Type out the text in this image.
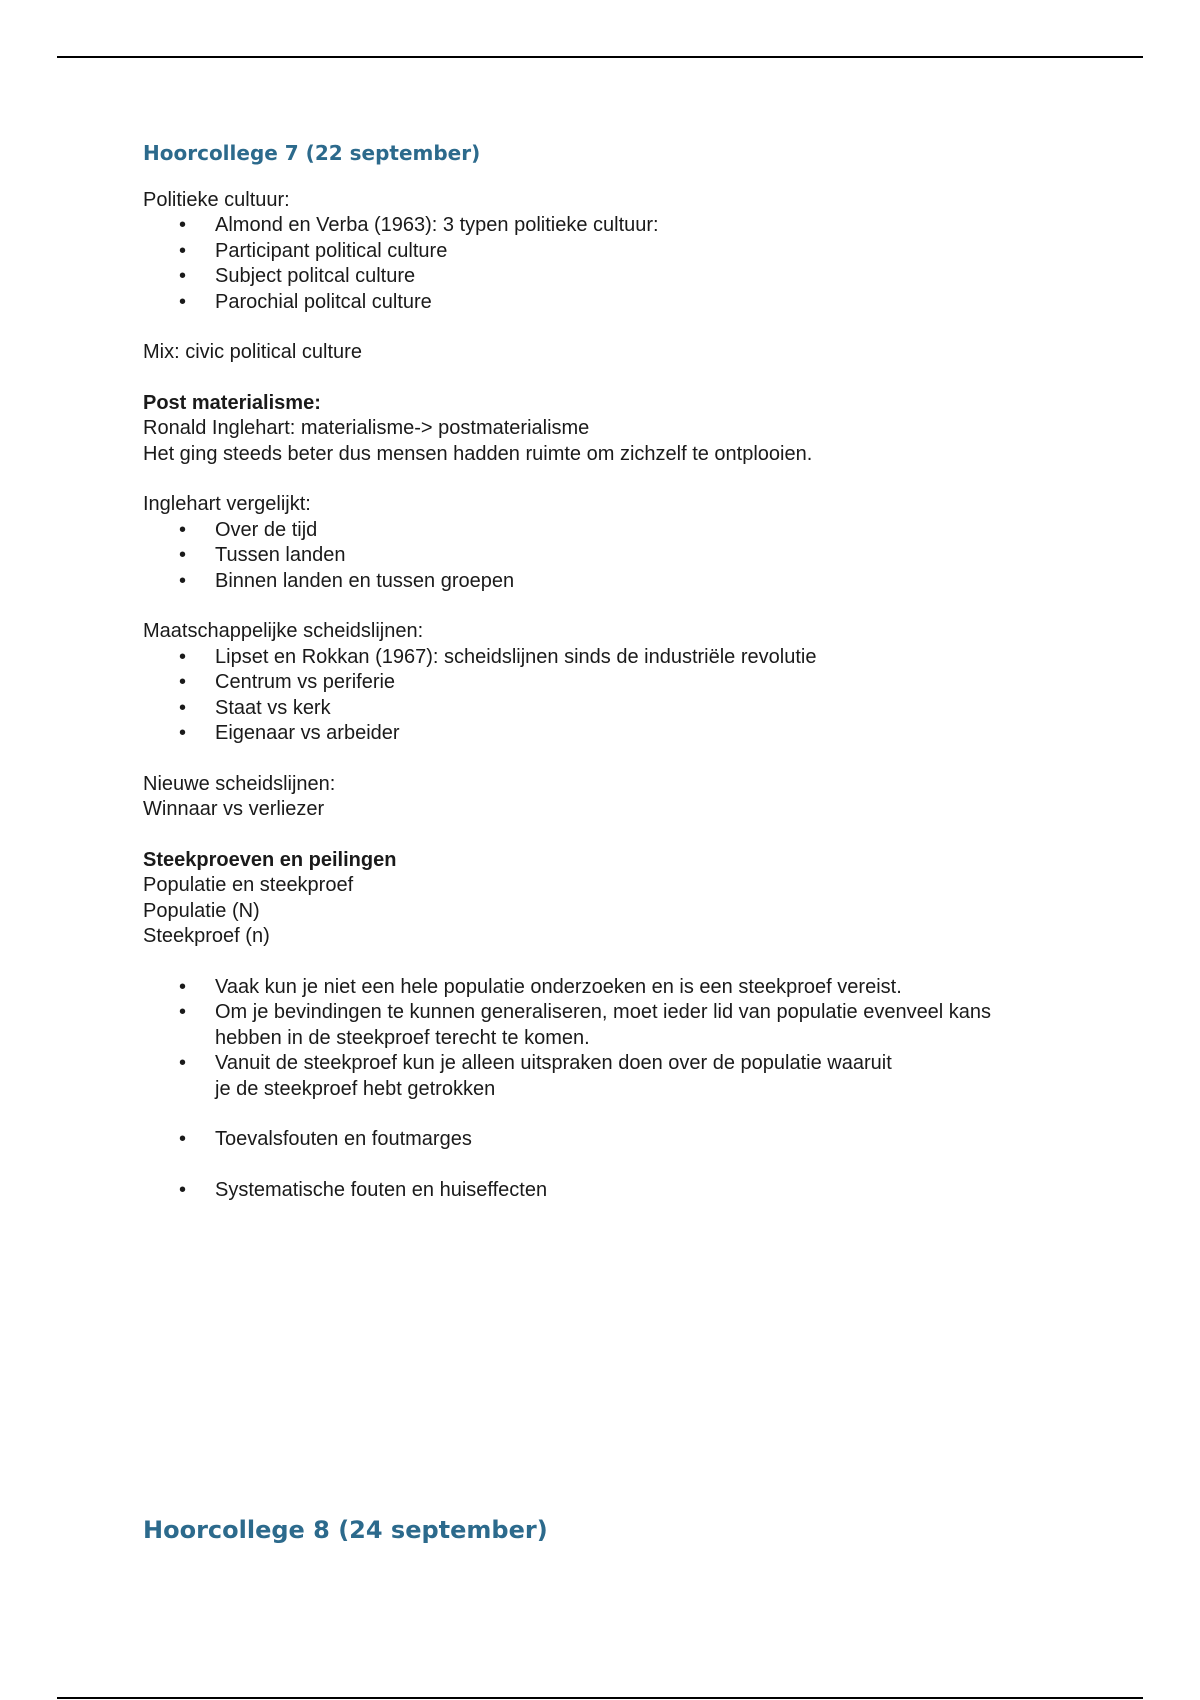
Hoorcollege 7 (22 september)

Politieke cultuur:

• Almond en Verba (1963): 3 typen politieke cultuur:
• Participant political culture
• Subject politcal culture
• Parochial politcal culture

Mix: civic political culture

Post materialisme:

Ronald Inglehart: materialisme-> postmaterialisme

Het ging steeds beter dus mensen hadden ruimte om zichzelf te ontplooien.

Inglehart vergelijkt:

• Over de tijd
• Tussen landen
• Binnen landen en tussen groepen

Maatschappelijke scheidslijnen:

• Lipset en Rokkan (1967): scheidslijnen sinds de industriële revolutie
• Centrum vs periferie
• Staat vs kerk
• Eigenaar vs arbeider

Nieuwe scheidslijnen:

Winnaar vs verliezer

Steekproeven en peilingen

Populatie en steekproef

Populatie (N)

Steekproef (n)

• Vaak kun je niet een hele populatie onderzoeken en is een steekproef vereist.
• Om je bevindingen te kunnen generaliseren, moet ieder lid van populatie evenveel kans hebben in de steekproef terecht te komen.
• Vanuit de steekproef kun je alleen uitspraken doen over de populatie waaruit je de steekproef hebt getrokken
• Toevalsfouten en foutmarges
• Systematische fouten en huiseffecten
Hoorcollege 8 (24 september)
